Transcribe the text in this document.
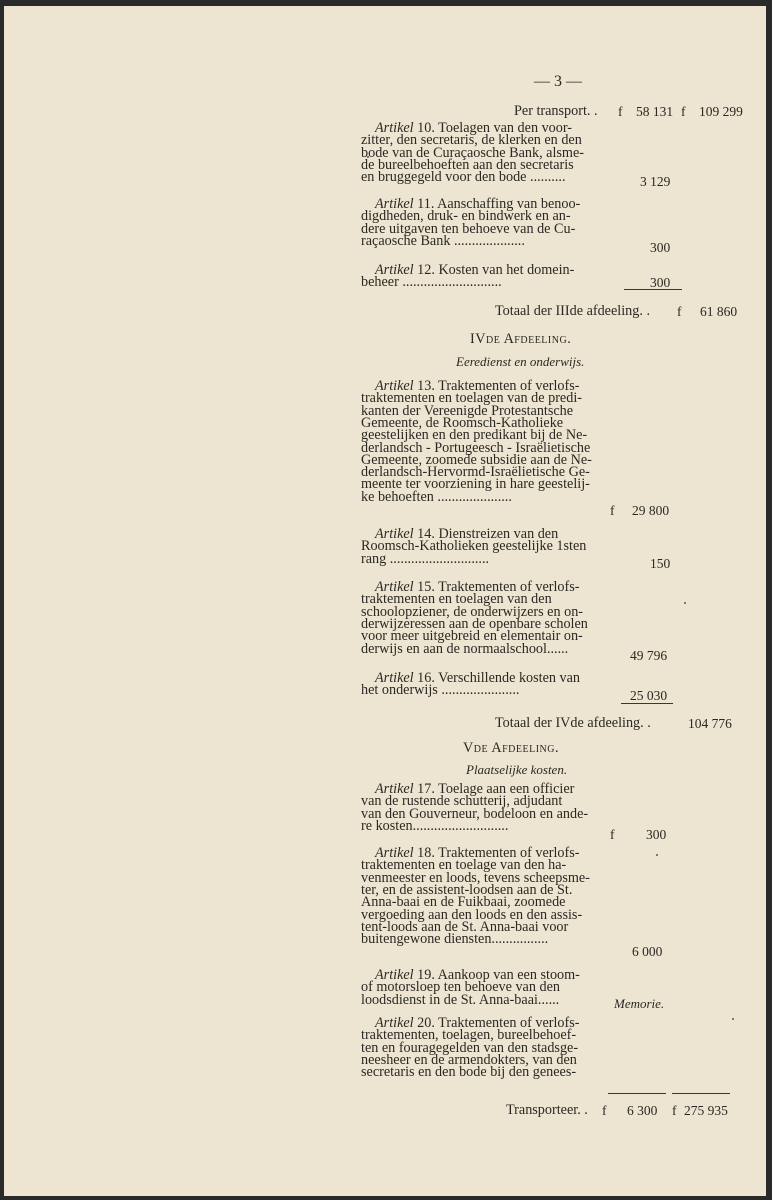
— 3 —
Per transport. . f 58 131 f 109 299
3 129
300
300
Totaal der IIIde afdeeling. . f 61 860
IVde Afdeeling.
Eeredienst en onderwijs.
f 29 800
150
49 796
25 030
Totaal der IVde afdeeling. .	104 776
Vde Afdeeling.
Plaatselijke kosten.
f 300
6 000
Memorie.
Transporteer. . f 6 300 f 275 935
Artikel 10. Toelagen van den voor-
zitter, den secretaris, de klerken en den
bode van de Curaçaosche Bank, alsme-
de bureelbehoeften aan den secretaris
en bruggegeld voor den bode ..........
Artikel 11. Aanschaffing van benoo-
digdheden, druk- en bindwerk en an-
dere uitgaven ten behoeve van de Cu-
raçaosche Bank ....................
Artikel 12. Kosten van het domein-
beheer ............................
Artikel 13. Traktementen of verlofs-
traktementen en toelagen van de predi-
kanten der Vereenigde Protestantsche
Gemeente, de Roomsch-Katholieke
geestelijken en den predikant bij de Ne-
derlandsch - Portugeesch - Israëlietische
Gemeente, zoomede subsidie aan de Ne-
derlandsch-Hervormd-Israëlietische Ge-
meente ter voorziening in hare geestelij-
ke behoeften .....................
Artikel 14. Dienstreizen van den
Roomsch-Katholieken geestelijke 1sten
rang ............................
Artikel 15. Traktementen of verlofs-
traktementen en toelagen van den
schoolopziener, de onderwijzers en on-
derwijzeressen aan de openbare scholen
voor meer uitgebreid en elementair on-
derwijs en aan de normaalschool......
Artikel 16. Verschillende kosten van
het onderwijs ......................
Artikel 17. Toelage aan een officier
van de rustende schutterij, adjudant
van den Gouverneur, bodeloon en ande-
re kosten...........................
Artikel 18. Traktementen of verlofs-
traktementen en toelage van den ha-
venmeester en loods, tevens scheepsme-
ter, en de assistent-loodsen aan de St.
Anna-baai en de Fuikbaai, zoomede
vergoeding aan den loods en den assis-
tent-loods aan de St. Anna-baai voor
buitengewone diensten................
Artikel 19. Aankoop van een stoom-
of motorsloep ten behoeve van den
loodsdienst in de St. Anna-baai......
Artikel 20. Traktementen of verlofs-
traktementen, toelagen, bureelbehoef-
ten en fouragegelden van den stadsge-
neesheer en de armendokters, van den
secretaris en den bode bij den genees-
